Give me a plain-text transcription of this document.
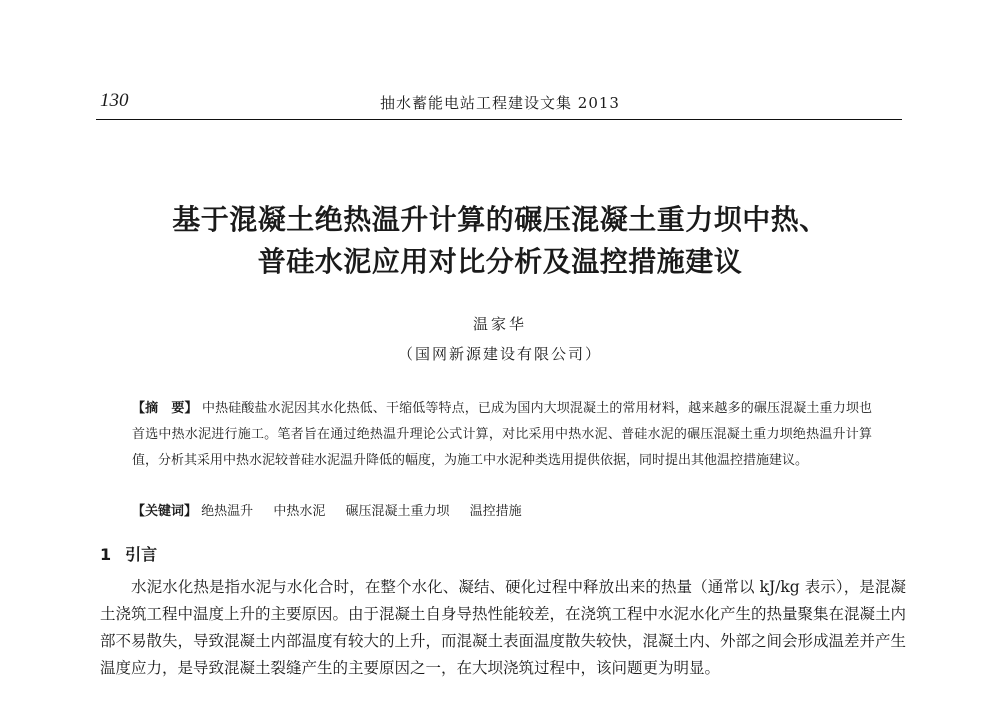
130	抽水蓄能电站工程建设文集 2013
基于混凝土绝热温升计算的碾压混凝土重力坝中热、
普硅水泥应用对比分析及温控措施建议
温家华
（国网新源建设有限公司）
【摘　要】 中热硅酸盐水泥因其水化热低、干缩低等特点，已成为国内大坝混凝土的常用材料，越来越多的碾压混凝土重力坝也首选中热水泥进行施工。笔者旨在通过绝热温升理论公式计算，对比采用中热水泥、普硅水泥的碾压混凝土重力坝绝热温升计算值，分析其采用中热水泥较普硅水泥温升降低的幅度，为施工中水泥种类选用提供依据，同时提出其他温控措施建议。
【关键词】 绝热温升 中热水泥 碾压混凝土重力坝 温控措施
1 引言
水泥水化热是指水泥与水化合时，在整个水化、凝结、硬化过程中释放出来的热量（通常以 kJ/kg 表示），是混凝土浇筑工程中温度上升的主要原因。由于混凝土自身导热性能较差，在浇筑工程中水泥水化产生的热量聚集在混凝土内部不易散失，导致混凝土内部温度有较大的上升，而混凝土表面温度散失较快，混凝土内、外部之间会形成温差并产生温度应力，是导致混凝土裂缝产生的主要原因之一，在大坝浇筑过程中，该问题更为明显。
